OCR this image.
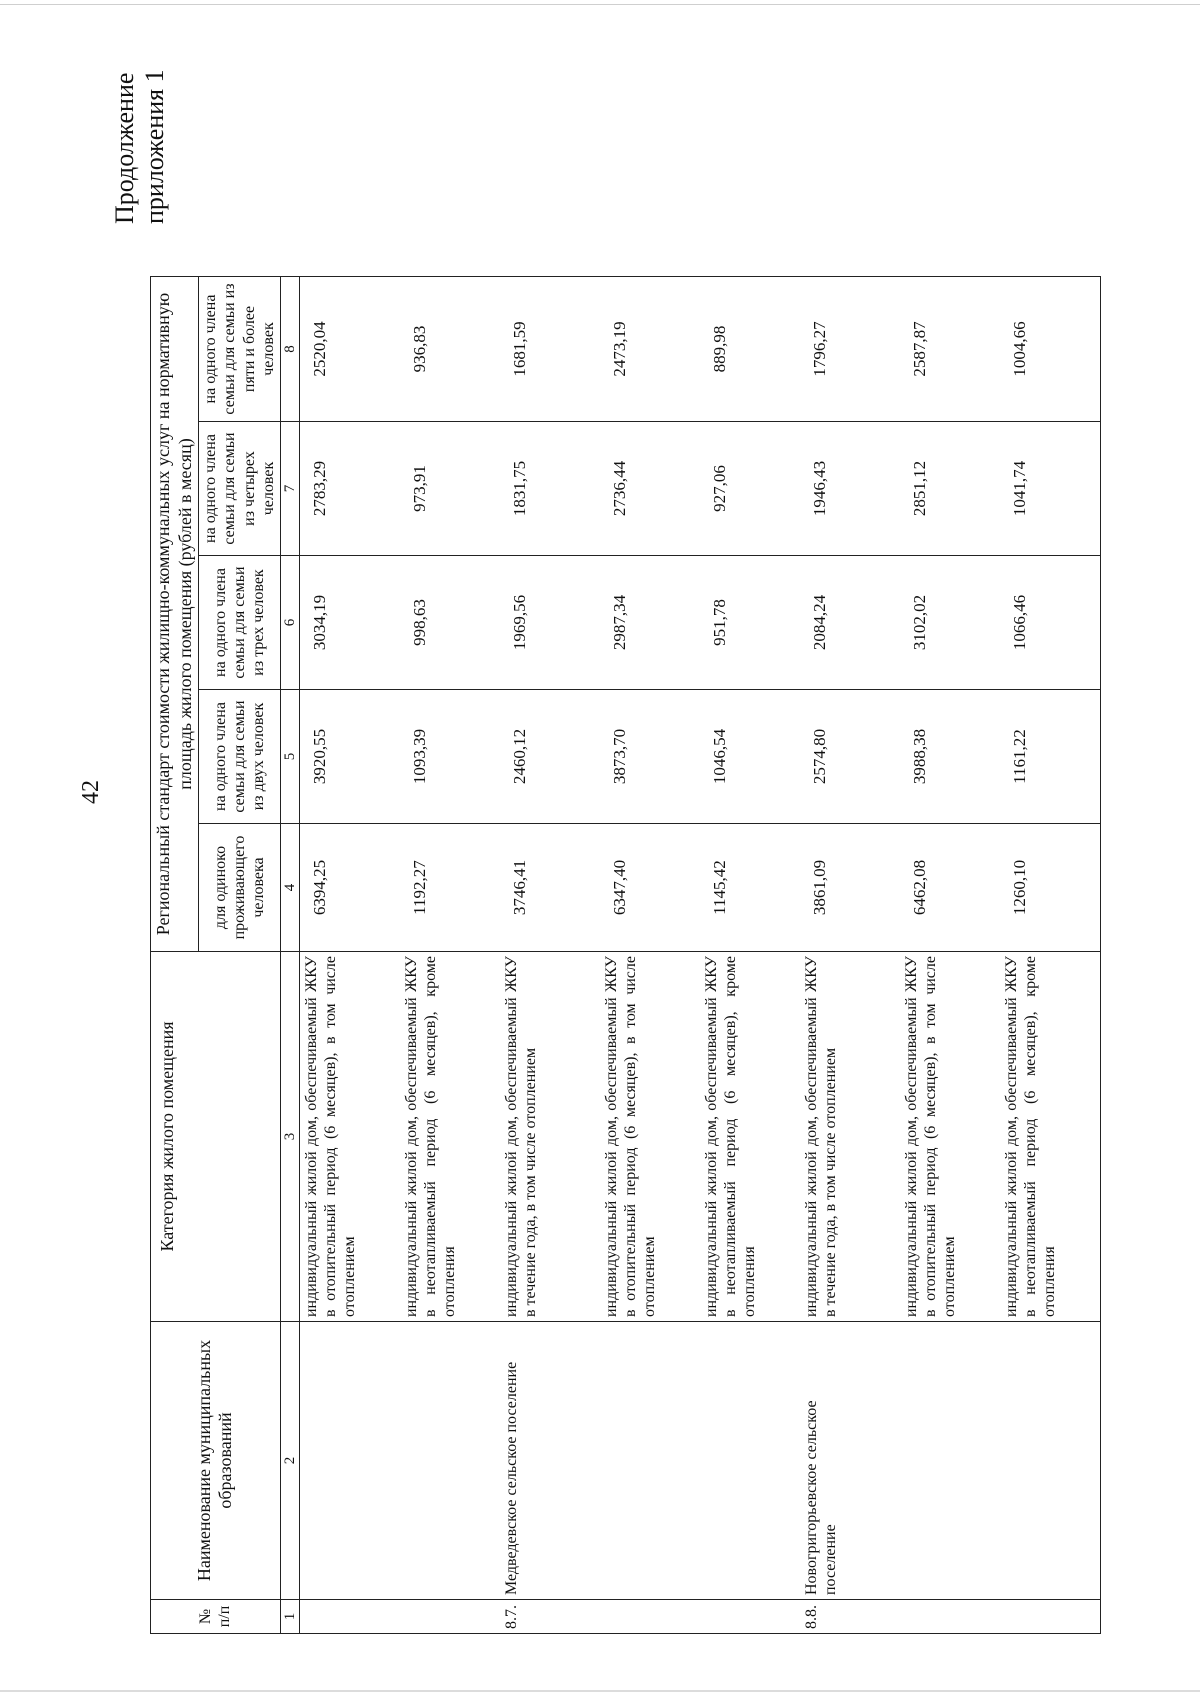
42
Продолжение приложения 1
№ п/п	Наименование муниципальных образований	Категория жилого помещения	Региональный стандарт стоимости жилищно-коммунальных услуг на нормативную площадь жилого помещения (рублей в месяц)				
			для одиноко проживающего человека	на одного члена семьи для семьи из двух человек	на одного члена семьи для семьи из трех человек	на одного члена семьи для семьи из четырех человек	на одного члена семьи для семьи из пяти и более человек
1	2	3	4	5	6	7	8
		индивидуальный жилой дом, обеспечиваемый ЖКУ в отопительный период (6 месяцев), в том числе отоплением	6394,25	3920,55	3034,19	2783,29	2520,04
		индивидуальный жилой дом, обеспечиваемый ЖКУ в неотапливаемый период (6 месяцев), кроме отопления	1192,27	1093,39	998,63	973,91	936,83
8.7.	Медведевское сельское поселение	индивидуальный жилой дом, обеспечиваемый ЖКУ в течение года, в том числе отоплением	3746,41	2460,12	1969,56	1831,75	1681,59
		индивидуальный жилой дом, обеспечиваемый ЖКУ в отопительный период (6 месяцев), в том числе отоплением	6347,40	3873,70	2987,34	2736,44	2473,19
		индивидуальный жилой дом, обеспечиваемый ЖКУ в неотапливаемый период (6 месяцев), кроме отопления	1145,42	1046,54	951,78	927,06	889,98
8.8.	Новогригорьевское сельское поселение	индивидуальный жилой дом, обеспечиваемый ЖКУ в течение года, в том числе отоплением	3861,09	2574,80	2084,24	1946,43	1796,27
		индивидуальный жилой дом, обеспечиваемый ЖКУ в отопительный период (6 месяцев), в том числе отоплением	6462,08	3988,38	3102,02	2851,12	2587,87
		индивидуальный жилой дом, обеспечиваемый ЖКУ в неотапливаемый период (6 месяцев), кроме отопления	1260,10	1161,22	1066,46	1041,74	1004,66
